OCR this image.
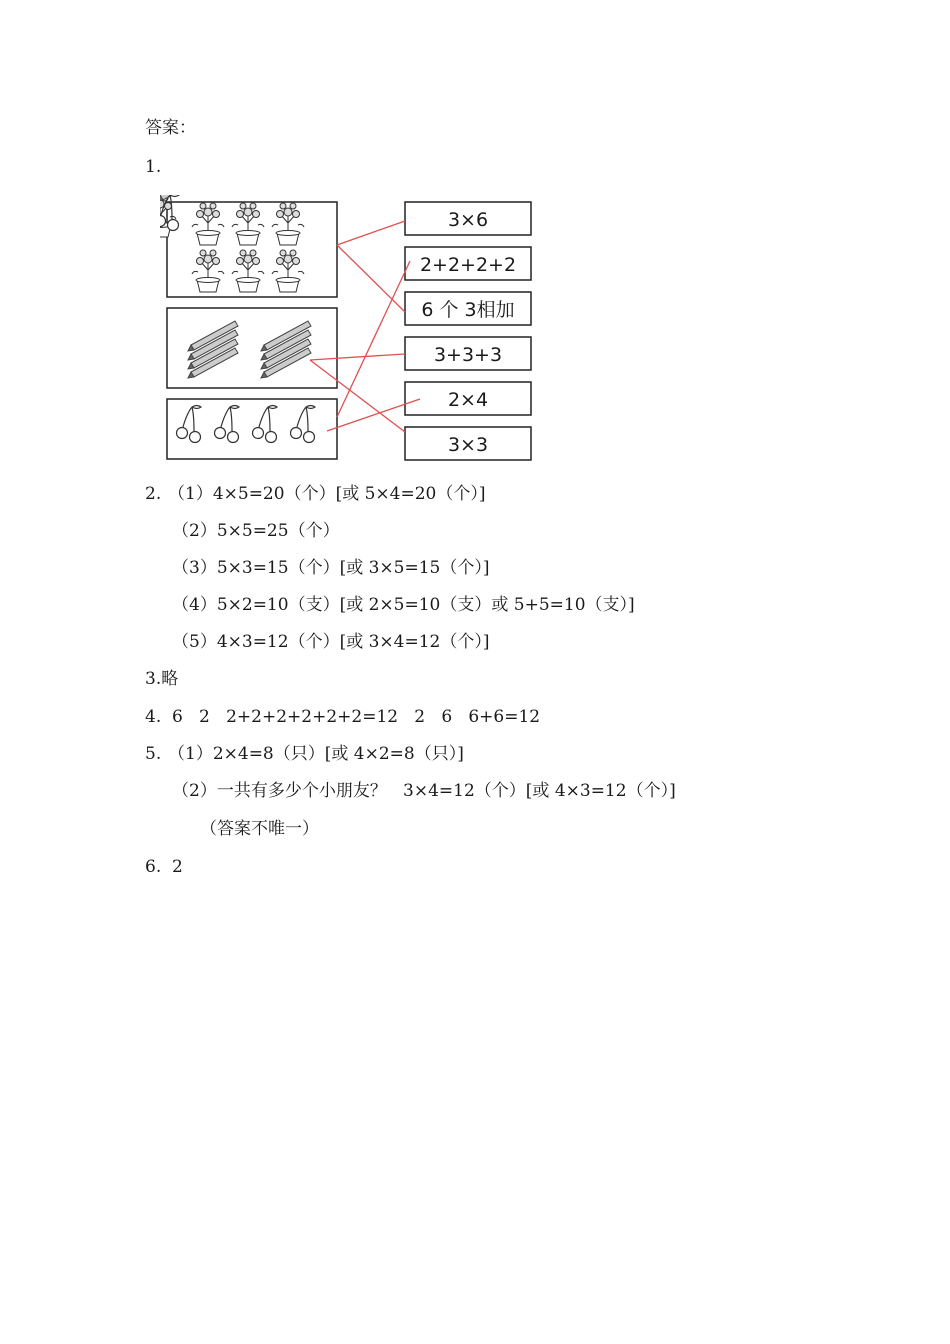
答案：
1.
3×6
2+2+2+2
6 个 3相加
3+3+3
2×4
3×3
2. （1）4×5=20（个）[或 5×4=20（个）]
（2）5×5=25（个）
（3）5×3=15（个）[或 3×5=15（个）]
（4）5×2=10（支）[或 2×5=10（支）或 5+5=10（支）]
（5）4×3=12（个）[或 3×4=12（个）]
3.略
4.  6   2   2+2+2+2+2+2=12   2   6   6+6=12
5. （1）2×4=8（只）[或 4×2=8（只）]
（2）一共有多少个小朋友？   3×4=12（个）[或 4×3=12（个）]
（答案不唯一）
6.  2
